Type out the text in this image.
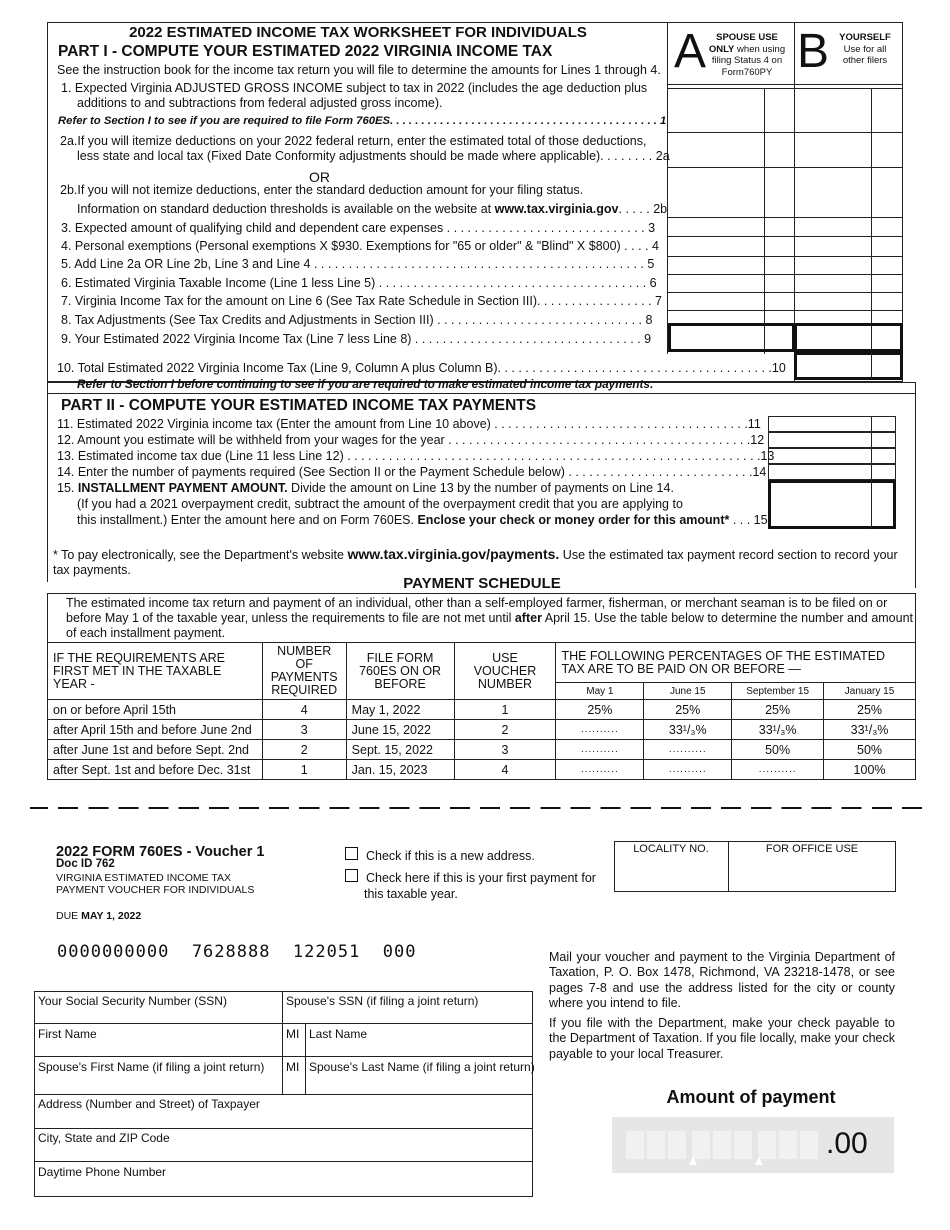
2022 ESTIMATED INCOME TAX WORKSHEET FOR INDIVIDUALS
PART I - COMPUTE YOUR ESTIMATED 2022 VIRGINIA INCOME TAX
See the instruction book for the income tax return you will file to determine the amounts for Lines 1 through 4. A	SPOUSE USE
ONLY when using
filing Status 4 on
Form760PY B	YOURSELF
Use for all
other filers
1. Expected Virginia ADJUSTED GROSS INCOME subject to tax in 2022 (includes the age deduction plus
additions to and subtractions from federal adjusted gross income).
Refer to Section I to see if you are required to file Form 760ES. . . . . . . . . . . . . . . . . . . . . . . . . . . . . . . . . . . . . . . . . . . 1
2a.If you will itemize deductions on your 2022 federal return, enter the estimated total of those deductions,
less state and local tax (Fixed Date Conformity adjustments should be made where applicable). . . . . . . . 2a
OR
2b.If you will not itemize deductions, enter the standard deduction amount for your filing status.
Information on standard deduction thresholds is available on the website at www.tax.virginia.gov. . . . . 2b
3. Expected amount of qualifying child and dependent care expenses . . . . . . . . . . . . . . . . . . . . . . . . . . . . . 3
4. Personal exemptions (Personal exemptions X $930. Exemptions for "65 or older" & "Blind" X $800) . . . . 4
5. Add Line 2a OR Line 2b, Line 3 and Line 4 . . . . . . . . . . . . . . . . . . . . . . . . . . . . . . . . . . . . . . . . . . . . . . . . 5
6. Estimated Virginia Taxable Income (Line 1 less Line 5) . . . . . . . . . . . . . . . . . . . . . . . . . . . . . . . . . . . . . . . 6
7. Virginia Income Tax for the amount on Line 6 (See Tax Rate Schedule in Section III). . . . . . . . . . . . . . . . . 7
8. Tax Adjustments (See Tax Credits and Adjustments in Section III) . . . . . . . . . . . . . . . . . . . . . . . . . . . . . . 8
9. Your Estimated 2022 Virginia Income Tax (Line 7 less Line 8) . . . . . . . . . . . . . . . . . . . . . . . . . . . . . . . . . 9
10. Total Estimated 2022 Virginia Income Tax (Line 9, Column A plus Column B). . . . . . . . . . . . . . . . . . . . . . . . . . . . . . . . . . . . . . . .10
Refer to Section I before continuing to see if you are required to make estimated income tax payments.
PART II - COMPUTE YOUR ESTIMATED INCOME TAX PAYMENTS
11. Estimated 2022 Virginia income tax (Enter the amount from Line 10 above) . . . . . . . . . . . . . . . . . . . . . . . . . . . . . . . . . . . . .11
12. Amount you estimate will be withheld from your wages for the year . . . . . . . . . . . . . . . . . . . . . . . . . . . . . . . . . . . . . . . . . . . .12
13. Estimated income tax due (Line 11 less Line 12) . . . . . . . . . . . . . . . . . . . . . . . . . . . . . . . . . . . . . . . . . . . . . . . . . . . . . . . . . . . .13
14. Enter the number of payments required (See Section II or the Payment Schedule below) . . . . . . . . . . . . . . . . . . . . . . . . . . .14
15. INSTALLMENT PAYMENT AMOUNT. Divide the amount on Line 13 by the number of payments on Line 14.
(If you had a 2021 overpayment credit, subtract the amount of the overpayment credit that you are applying to
this installment.) Enter the amount here and on Form 760ES. Enclose your check or money order for this amount* . . . 15
* To pay electronically, see the Department's website www.tax.virginia.gov/payments. Use the estimated tax payment record section to record your
tax payments.
PAYMENT SCHEDULE
The estimated income tax return and payment of an individual, other than a self-employed farmer, fisherman, or merchant seaman is to be filed on or
before May 1 of the taxable year, unless the requirements to file are not met until after April 15. Use the table below to determine the number and amount
of each installment payment.
IF THE REQUIREMENTS ARE FIRST MET IN THE TAXABLE YEAR -	NUMBER OF PAYMENTS REQUIRED	FILE FORM 760ES ON OR BEFORE	USE VOUCHER NUMBER	THE FOLLOWING PERCENTAGES OF THE ESTIMATED TAX ARE TO BE PAID ON OR BEFORE —			
				May 1	June 15	September 15	January 15
on or before April 15th	4	May 1, 2022	1	25%	25%	25%	25%
after April 15th and before June 2nd	3	June 15, 2022	2	..........	33¹/₃%	33¹/₃%	33¹/₃%
after June 1st and before Sept. 2nd	2	Sept. 15, 2022	3	..........	..........	50%	50%
after Sept. 1st and before Dec. 31st	1	Jan. 15, 2023	4	..........	..........	..........	100%
2022 FORM 760ES - Voucher 1
Doc ID 762
VIRGINIA ESTIMATED INCOME TAX
PAYMENT VOUCHER FOR INDIVIDUALS
DUE MAY 1, 2022
Check if this is a new address.
Check here if this is your first payment for
this taxable year.
LOCALITY NO.	FOR OFFICE USE
0000000000  7628888  122051  000
Your Social Security Number (SSN)	Spouse's SSN (if filing a joint return)
First Name	MI Last Name
Spouse's First Name (if filing a joint return) MI Spouse's Last Name (if filing a joint return)
Address (Number and Street) of Taxpayer
City, State and ZIP Code
Daytime Phone Number
Mail your voucher and payment to the Virginia Department of Taxation, P. O. Box 1478, Richmond, VA 23218-1478, or see pages 7-8 and use the address listed for the city or county where you intend to file.
If you file with the Department, make your check payable to the Department of Taxation. If you file locally, make your check payable to your local Treasurer.
Amount of payment
.00
